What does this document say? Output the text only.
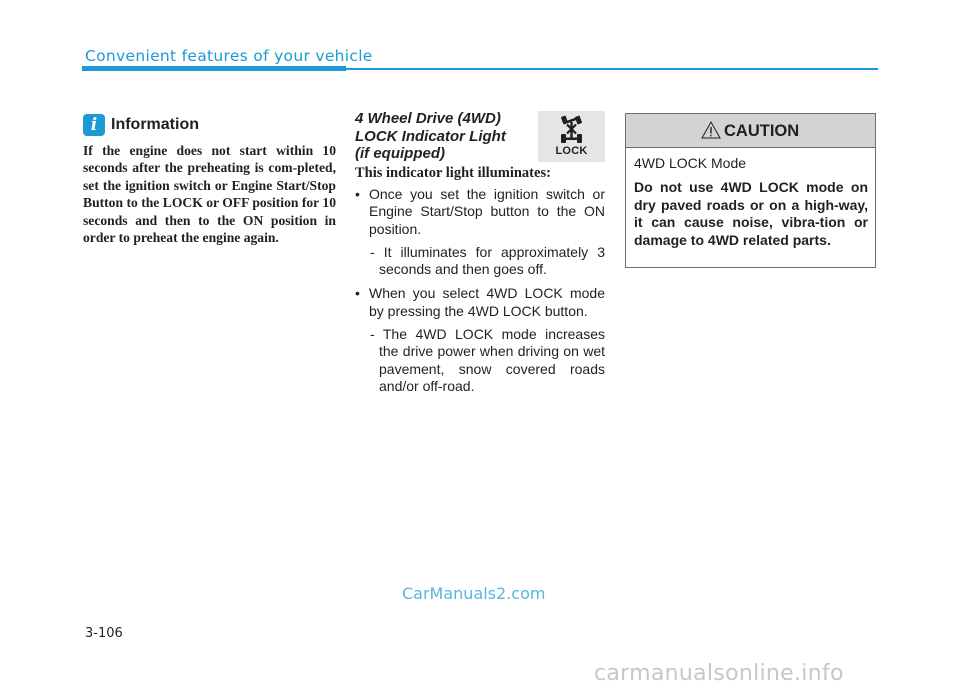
Convenient features of your vehicle
i Information
If the engine does not start within 10 seconds after the preheating is com-pleted, set the ignition switch or Engine Start/Stop Button to the LOCK or OFF position for 10 seconds and then to the ON position in order to preheat the engine again.
4 Wheel Drive (4WD)
LOCK Indicator Light
(if equipped)	LOCK
This indicator light illuminates:
• Once you set the ignition switch or Engine Start/Stop button to the ON position.
- It illuminates for approximately 3 seconds and then goes off.
• When you select 4WD LOCK mode by pressing the 4WD LOCK button.
- The 4WD LOCK mode increases the drive power when driving on wet pavement, snow covered roads and/or off-road.
CAUTION
4WD LOCK Mode
Do not use 4WD LOCK mode on dry paved roads or on a high-way, it can cause noise, vibra-tion or damage to 4WD related parts.
CarManuals2.com
3-106
carmanualsonline.info
